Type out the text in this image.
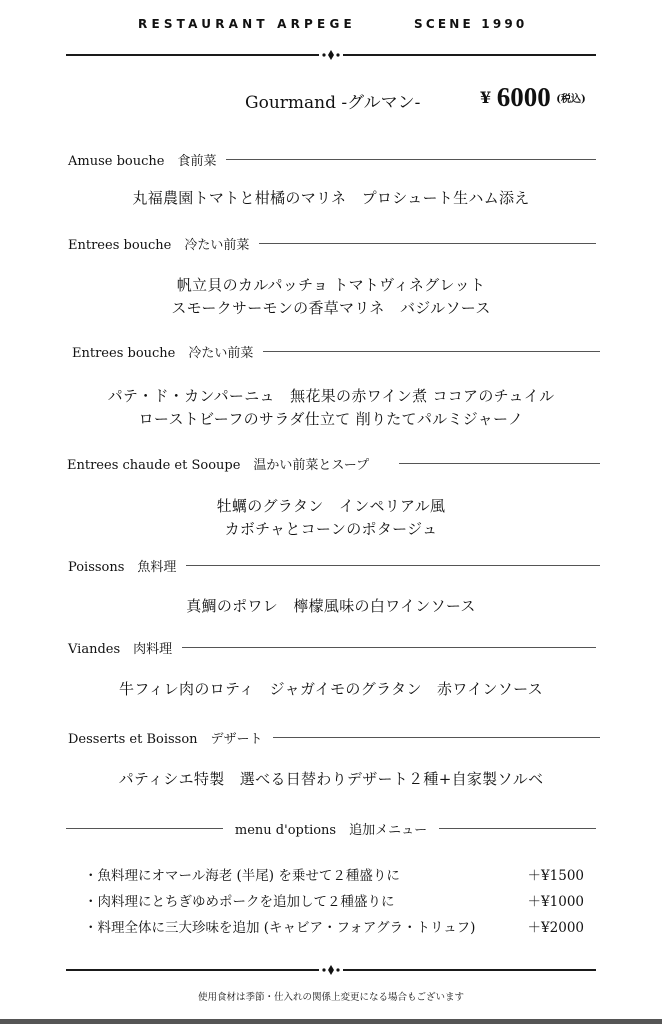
RESTAURANT ARPEGE	SCENE 1990
Gourmand -グルマン-	¥ 6000 $^{(税込)}$
Amuse bouche　食前菜
丸福農園トマトと柑橘のマリネ　プロシュート生ハム添え
Entrees bouche　冷たい前菜
帆立貝のカルパッチョ トマトヴィネグレット
スモークサーモンの香草マリネ　バジルソース
Entrees bouche　冷たい前菜
パテ・ド・カンパーニュ　無花果の赤ワイン煮 ココアのチュイル
ローストビーフのサラダ仕立て 削りたてパルミジャーノ
Entrees chaude et Sooupe　温かい前菜とスープ
牡蠣のグラタン　インペリアル風
カボチャとコーンのポタージュ
Poissons　魚料理
真鯛のポワレ　檸檬風味の白ワインソース
Viandes　肉料理
牛フィレ肉のロティ　ジャガイモのグラタン　赤ワインソース
Desserts et Boisson　デザート
パティシエ特製　選べる日替わりデザート２種+自家製ソルベ
menu d'options　追加メニュー
・魚料理にオマール海老 (半尾) を乗せて２種盛りに	＋¥1500
・肉料理にとちぎゆめポークを追加して２種盛りに	＋¥1000
・料理全体に三大珍味を追加 (キャビア・フォアグラ・トリュフ)	＋¥2000
使用食材は季節・仕入れの関係上変更になる場合もございます
